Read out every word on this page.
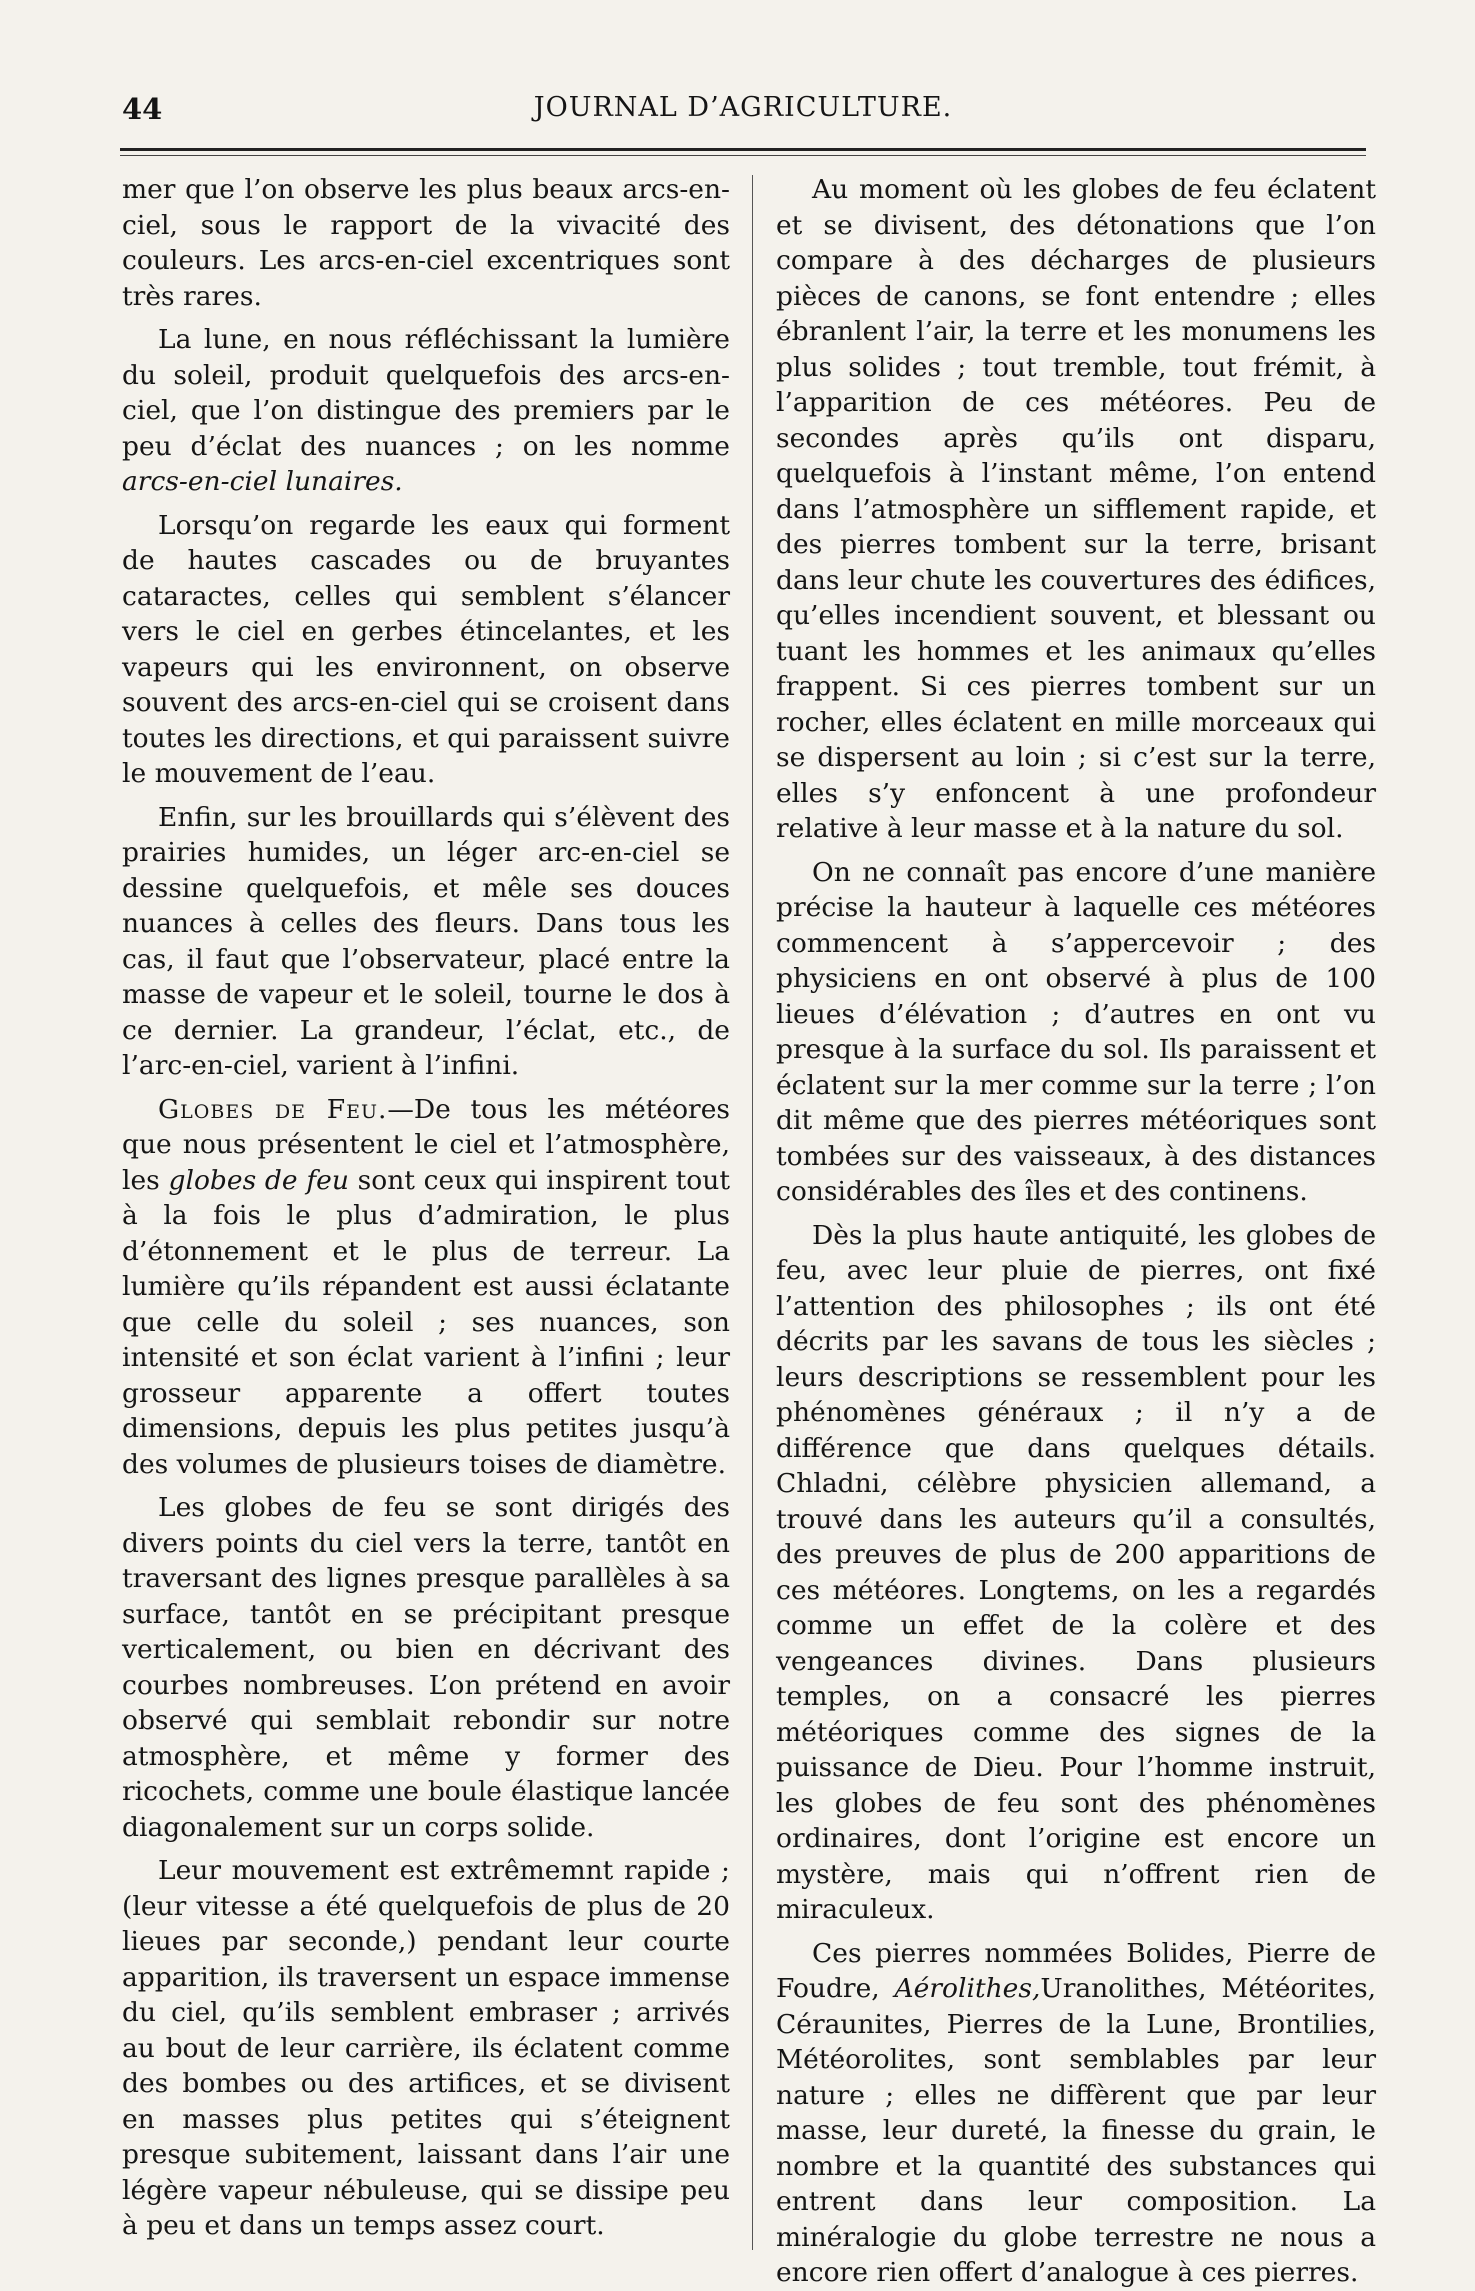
44	JOURNAL D’AGRICULTURE.

mer que l’on observe les plus beaux arcs-en-ciel, sous le rapport de la vivacité des couleurs. Les arcs-en-ciel excentriques sont très rares.

La lune, en nous réfléchissant la lumière du soleil, produit quelquefois des arcs-en-ciel, que l’on distingue des premiers par le peu d’éclat des nuances ; on les nomme arcs-en-ciel lunaires.

Lorsqu’on regarde les eaux qui forment de hautes cascades ou de bruyantes cataractes, celles qui semblent s’élancer vers le ciel en gerbes étincelantes, et les vapeurs qui les environnent, on observe souvent des arcs-en-ciel qui se croisent dans toutes les directions, et qui paraissent suivre le mouvement de l’eau.

Enfin, sur les brouillards qui s’élèvent des prairies humides, un léger arc-en-ciel se dessine quelquefois, et mêle ses douces nuances à celles des fleurs. Dans tous les cas, il faut que l’observateur, placé entre la masse de vapeur et le soleil, tourne le dos à ce dernier. La grandeur, l’éclat, etc., de l’arc-en-ciel, varient à l’infini.

Globes de Feu.—De tous les météores que nous présentent le ciel et l’atmosphère, les globes de feu sont ceux qui inspirent tout à la fois le plus d’admiration, le plus d’étonnement et le plus de terreur. La lumière qu’ils répandent est aussi éclatante que celle du soleil ; ses nuances, son intensité et son éclat varient à l’infini ; leur grosseur apparente a offert toutes dimensions, depuis les plus petites jusqu’à des volumes de plusieurs toises de diamètre.

Les globes de feu se sont dirigés des divers points du ciel vers la terre, tantôt en traversant des lignes presque parallèles à sa surface, tantôt en se précipitant presque verticalement, ou bien en décrivant des courbes nombreuses. L’on prétend en avoir observé qui semblait rebondir sur notre atmosphère, et même y former des ricochets, comme une boule élastique lancée diagonalement sur un corps solide.

Leur mouvement est extrêmemnt rapide ; (leur vitesse a été quelquefois de plus de 20 lieues par seconde,) pendant leur courte apparition, ils traversent un espace immense du ciel, qu’ils semblent embraser ; arrivés au bout de leur carrière, ils éclatent comme des bombes ou des artifices, et se divisent en masses plus petites qui s’éteignent presque subitement, laissant dans l’air une légère vapeur nébuleuse, qui se dissipe peu à peu et dans un temps assez court.

Au moment où les globes de feu éclatent et se divisent, des détonations que l’on compare à des décharges de plusieurs pièces de canons, se font entendre ; elles ébranlent l’air, la terre et les monumens les plus solides ; tout tremble, tout frémit, à l’apparition de ces météores. Peu de secondes après qu’ils ont disparu, quelquefois à l’instant même, l’on entend dans l’atmosphère un sifflement rapide, et des pierres tombent sur la terre, brisant dans leur chute les couvertures des édifices, qu’elles incendient souvent, et blessant ou tuant les hommes et les animaux qu’elles frappent. Si ces pierres tombent sur un rocher, elles éclatent en mille morceaux qui se dispersent au loin ; si c’est sur la terre, elles s’y enfoncent à une profondeur relative à leur masse et à la nature du sol.

On ne connaît pas encore d’une manière précise la hauteur à laquelle ces météores commencent à s’appercevoir ; des physiciens en ont observé à plus de 100 lieues d’élévation ; d’autres en ont vu presque à la surface du sol. Ils paraissent et éclatent sur la mer comme sur la terre ; l’on dit même que des pierres météoriques sont tombées sur des vaisseaux, à des distances considérables des îles et des continens.

Dès la plus haute antiquité, les globes de feu, avec leur pluie de pierres, ont fixé l’attention des philosophes ; ils ont été décrits par les savans de tous les siècles ; leurs descriptions se ressemblent pour les phénomènes généraux ; il n’y a de différence que dans quelques détails. Chladni, célèbre physicien allemand, a trouvé dans les auteurs qu’il a consultés, des preuves de plus de 200 apparitions de ces météores. Longtems, on les a regardés comme un effet de la colère et des vengeances divines. Dans plusieurs temples, on a consacré les pierres météoriques comme des signes de la puissance de Dieu. Pour l’homme instruit, les globes de feu sont des phénomènes ordinaires, dont l’origine est encore un mystère, mais qui n’offrent rien de miraculeux.

Ces pierres nommées Bolides, Pierre de Foudre, Aérolithes,Uranolithes, Météorites, Céraunites, Pierres de la Lune, Brontilies, Météorolites, sont semblables par leur nature ; elles ne diffèrent que par leur masse, leur dureté, la finesse du grain, le nombre et la quantité des substances qui entrent dans leur composition. La minéralogie du globe terrestre ne nous a encore rien offert d’analogue à ces pierres.
